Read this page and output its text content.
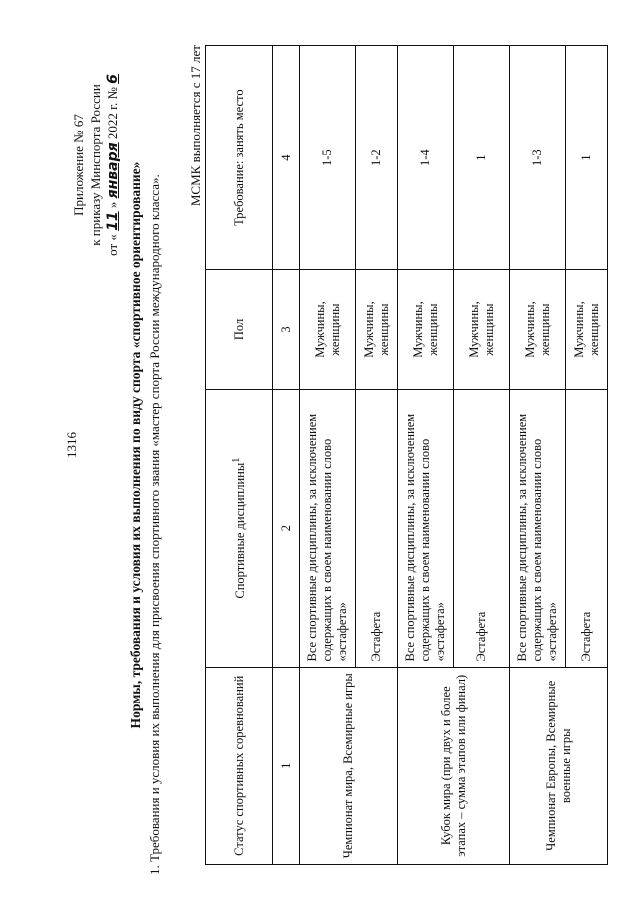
1316
Приложение № 67 к приказу Минспорта России от « 11 » января 2022 г. № 6
Нормы, требования и условия их выполнения по виду спорта «спортивное ориентирование» 1. Требования и условия их выполнения для присвоения спортивного звания «мастер спорта России международного класса».
МСМК выполняется с 17 лет
Статус спортивных соревнований	Спортивные дисциплины$^1$	Пол	Требование: занять место
1	2	3	4
Чемпионат мира, Всемирные игры	Все спортивные дисциплины, за исключением содержащих в своем наименовании слово «эстафета»	Мужчины, женщины	1-5
	Эстафета	Мужчины, женщины	1-2
Кубок мира (при двух и более этапах – сумма этапов или финал)	Все спортивные дисциплины, за исключением содержащих в своем наименовании слово «эстафета»	Мужчины, женщины	1-4
	Эстафета	Мужчины, женщины	1
Чемпионат Европы, Всемирные военные игры	Все спортивные дисциплины, за исключением содержащих в своем наименовании слово «эстафета»	Мужчины, женщины	1-3
	Эстафета	Мужчины, женщины	1
